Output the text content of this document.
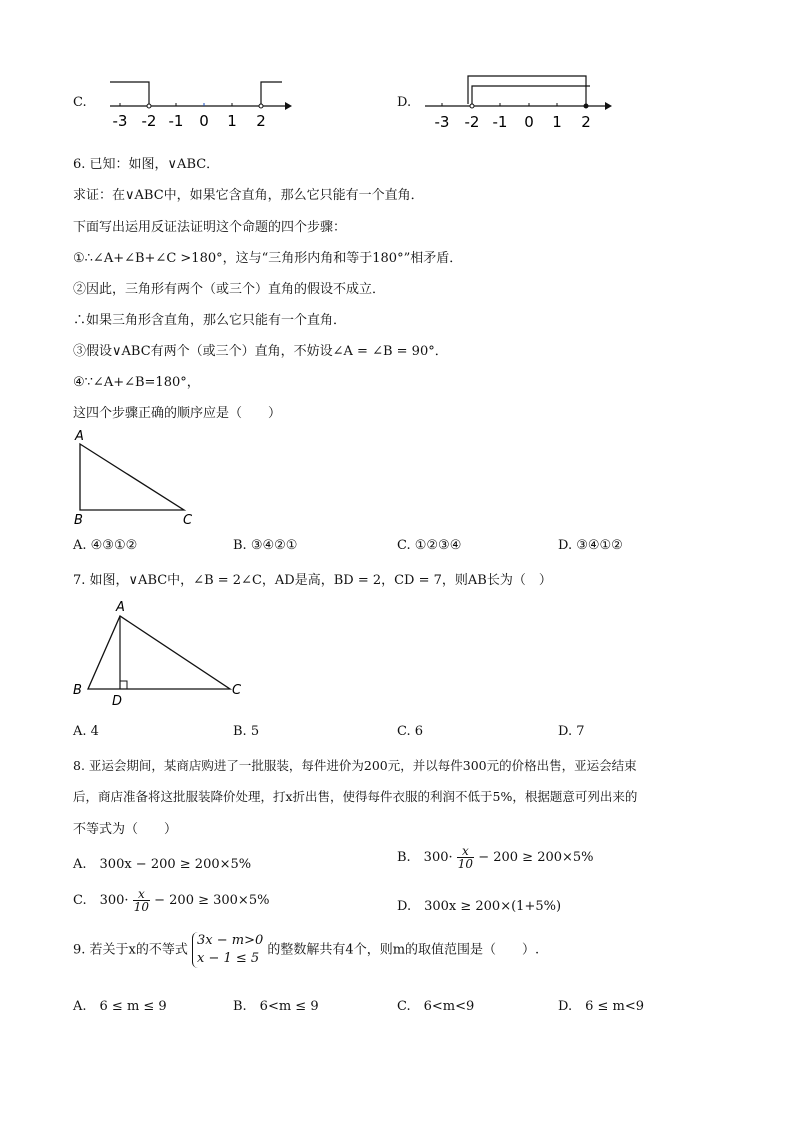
C.
-3 -2 -1 0 1 2
D.
-3 -2 -1 0 1 2
6. 已知：如图，∨ABC．
求证：在∨ABC中，如果它含直角，那么它只能有一个直角．
下面写出运用反证法证明这个命题的四个步骤：
①∴∠A+∠B+∠C >180°，这与“三角形内角和等于180°”相矛盾．
②因此，三角形有两个（或三个）直角的假设不成立．
∴如果三角形含直角，那么它只能有一个直角．
③假设∨ABC有两个（或三个）直角，不妨设∠A = ∠B = 90°．
④∵∠A+∠B=180°，
这四个步骤正确的顺序应是（　　）
A
B	C
A. ④③①②	B. ③④②①	C. ①②③④	D. ③④①②
7. 如图，∨ABC中，∠B = 2∠C，AD是高，BD = 2，CD = 7，则AB长为（　）
A
B	C
D
A. 4	B. 5	C. 6	D. 7
8. 亚运会期间，某商店购进了一批服装，每件进价为200元，并以每件300元的价格出售，亚运会结束
后，商店准备将这批服装降价处理，打x折出售，使得每件衣服的利润不低于5%，根据题意可列出来的
不等式为（　　）
A.　300x − 200 ≥ 200×5%	B.　$300\cdot \frac{x}{10} - 200 \ge 200\times 5\%$
C.　$300\cdot \frac{x}{10} - 200 \ge 300\times 5\%$	D.　300x ≥ 200×(1+5%)
9. 若关于x的不等式
3x − m>0
x − 1 ≤ 5
的整数解共有4个，则m的取值范围是（　　）.
A.　6 ≤ m ≤ 9	B.　6<m ≤ 9	C.　6<m<9	D.　6 ≤ m<9
